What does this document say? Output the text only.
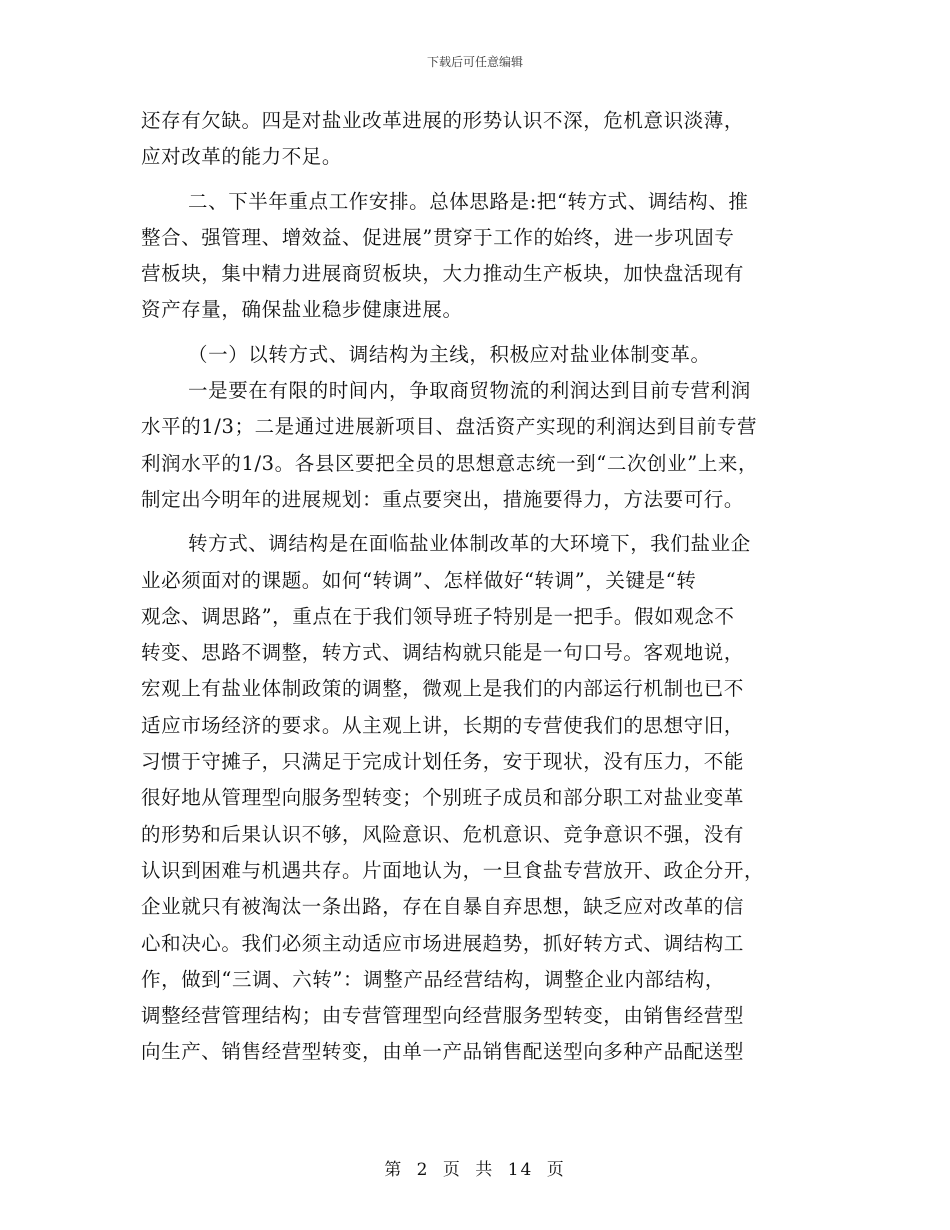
下载后可任意编辑
还存有欠缺。四是对盐业改革进展的形势认识不深，危机意识淡薄，
应对改革的能力不足。
二、下半年重点工作安排。总体思路是:把“转方式、调结构、推
整合、强管理、增效益、促进展”贯穿于工作的始终，进一步巩固专
营板块，集中精力进展商贸板块，大力推动生产板块，加快盘活现有
资产存量，确保盐业稳步健康进展。
（一）以转方式、调结构为主线，积极应对盐业体制变革。
一是要在有限的时间内，争取商贸物流的利润达到目前专营利润
水平的1/3；二是通过进展新项目、盘活资产实现的利润达到目前专营
利润水平的1/3。各县区要把全员的思想意志统一到“二次创业”上来，
制定出今明年的进展规划：重点要突出，措施要得力，方法要可行。
转方式、调结构是在面临盐业体制改革的大环境下，我们盐业企
业必须面对的课题。如何“转调”、怎样做好“转调”，关键是“转
观念、调思路”，重点在于我们领导班子特别是一把手。假如观念不
转变、思路不调整，转方式、调结构就只能是一句口号。客观地说，
宏观上有盐业体制政策的调整，微观上是我们的内部运行机制也已不
适应市场经济的要求。从主观上讲，长期的专营使我们的思想守旧，
习惯于守摊子，只满足于完成计划任务，安于现状，没有压力，不能
很好地从管理型向服务型转变；个别班子成员和部分职工对盐业变革
的形势和后果认识不够，风险意识、危机意识、竞争意识不强，没有
认识到困难与机遇共存。片面地认为，一旦食盐专营放开、政企分开，
企业就只有被淘汰一条出路，存在自暴自弃思想，缺乏应对改革的信
心和决心。我们必须主动适应市场进展趋势，抓好转方式、调结构工
作，做到“三调、六转”：调整产品经营结构，调整企业内部结构，
调整经营管理结构；由专营管理型向经营服务型转变，由销售经营型
向生产、销售经营型转变，由单一产品销售配送型向多种产品配送型
第 2 页 共 14 页
